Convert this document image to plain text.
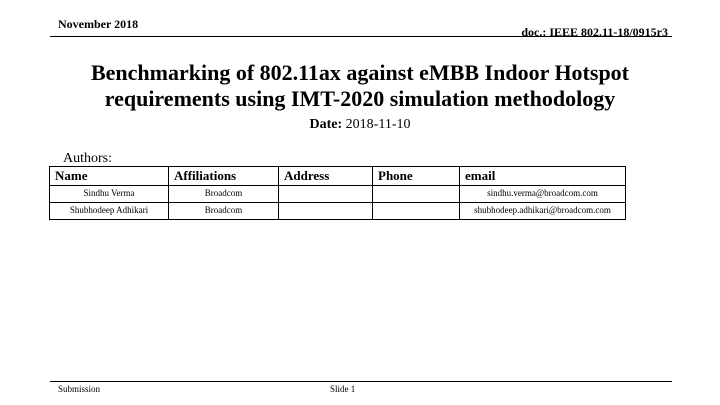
November 2018
doc.: IEEE 802.11-18/0915r3
Benchmarking of 802.11ax against eMBB Indoor Hotspot
requirements using IMT-2020 simulation methodology
Date: 2018-11-10
Authors:
Name	Affiliations	Address	Phone	email
Sindhu Verma	Broadcom			sindhu.verma@broadcom.com
Shubhodeep Adhikari	Broadcom			shubhodeep.adhikari@broadcom.com
Submission	Slide 1
